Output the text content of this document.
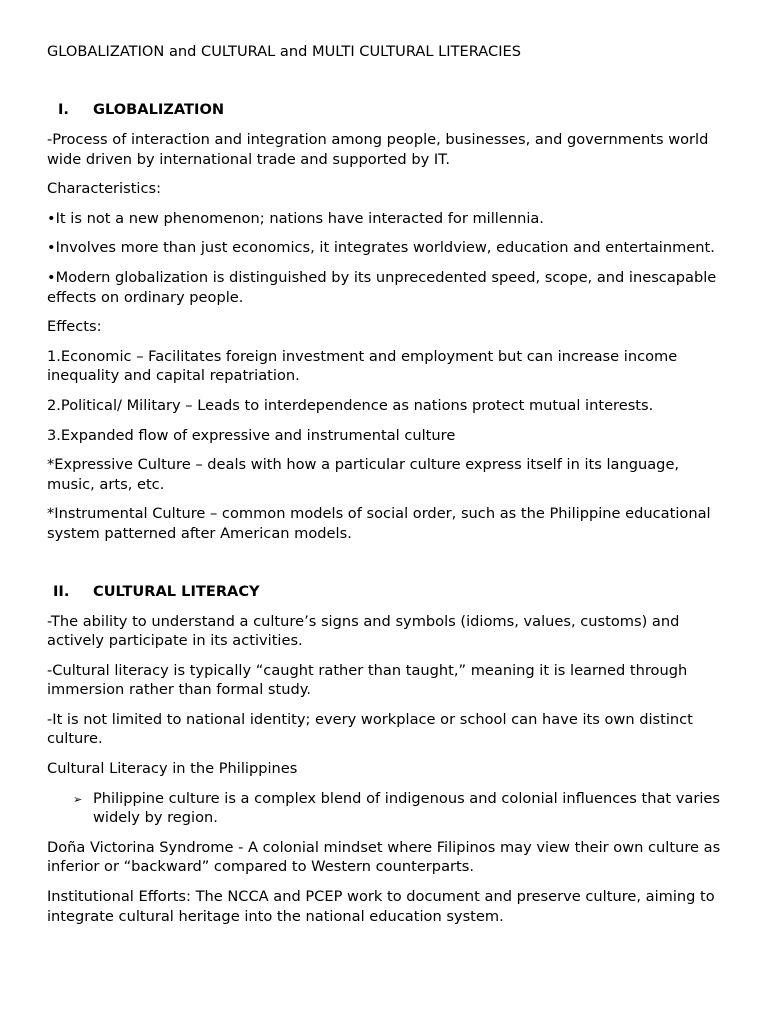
GLOBALIZATION and CULTURAL and MULTI CULTURAL LITERACIES
I.	GLOBALIZATION

-Process of interaction and integration among people, businesses, and governments world wide driven by international trade and supported by IT.

Characteristics:

•It is not a new phenomenon; nations have interacted for millennia.

•Involves more than just economics, it integrates worldview, education and entertainment.

•Modern globalization is distinguished by its unprecedented speed, scope, and inescapable effects on ordinary people.

Effects:

1.Economic – Facilitates foreign investment and employment but can increase income inequality and capital repatriation.

2.Political/ Military – Leads to interdependence as nations protect mutual interests.

3.Expanded flow of expressive and instrumental culture

*Expressive Culture – deals with how a particular culture express itself in its language, music, arts, etc.

*Instrumental Culture – common models of social order, such as the Philippine educational system patterned after American models.

II.	CULTURAL LITERACY

-The ability to understand a culture’s signs and symbols (idioms, values, customs) and actively participate in its activities.

-Cultural literacy is typically “caught rather than taught,” meaning it is learned through immersion rather than formal study.

-It is not limited to national identity; every workplace or school can have its own distinct culture.

Cultural Literacy in the Philippines

➢ Philippine culture is a complex blend of indigenous and colonial influences that varies widely by region.

Doña Victorina Syndrome - A colonial mindset where Filipinos may view their own culture as inferior or “backward” compared to Western counterparts.

Institutional Efforts: The NCCA and PCEP work to document and preserve culture, aiming to integrate cultural heritage into the national education system.
